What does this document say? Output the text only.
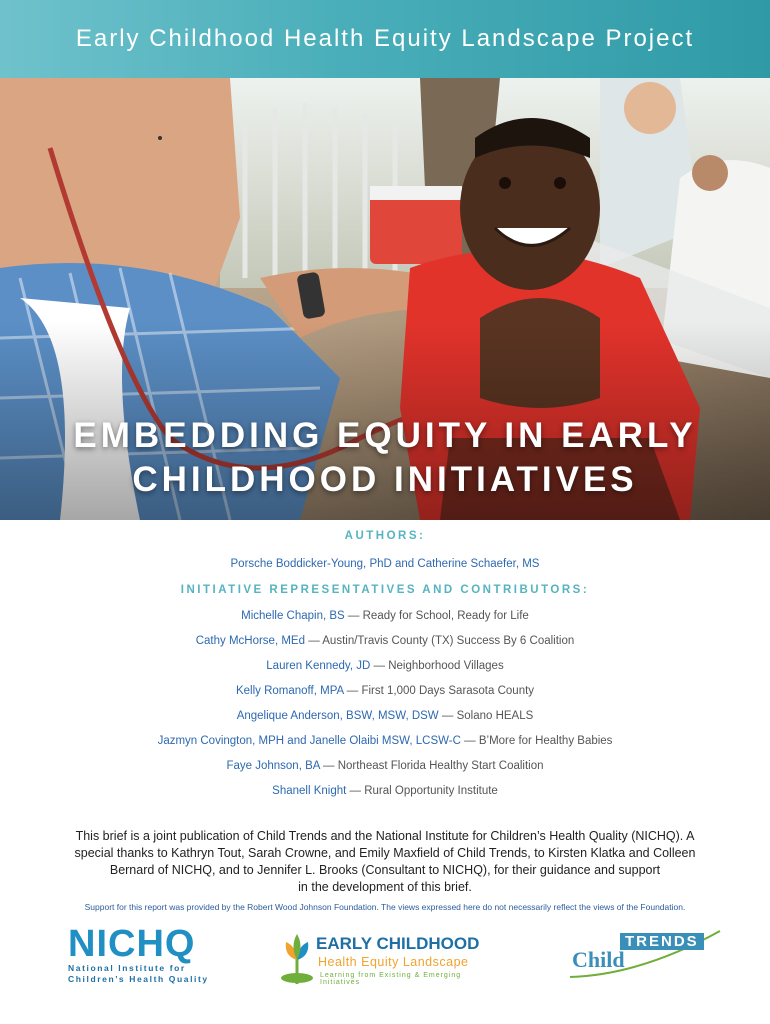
Early Childhood Health Equity Landscape Project
EMBEDDING EQUITY IN EARLY
CHILDHOOD INITIATIVES

AUTHORS:

Porsche Boddicker-Young, PhD and Catherine Schaefer, MS

INITIATIVE REPRESENTATIVES AND CONTRIBUTORS:

Michelle Chapin, BS — Ready for School, Ready for Life

Cathy McHorse, MEd — Austin/Travis County (TX) Success By 6 Coalition

Lauren Kennedy, JD — Neighborhood Villages

Kelly Romanoff, MPA — First 1,000 Days Sarasota County

Angelique Anderson, BSW, MSW, DSW — Solano HEALS

Jazmyn Covington, MPH and Janelle Olaibi MSW, LCSW-C — B’More for Healthy Babies

Faye Johnson, BA — Northeast Florida Healthy Start Coalition

Shanell Knight — Rural Opportunity Institute

This brief is a joint publication of Child Trends and the National Institute for Children’s Health Quality (NICHQ). A
special thanks to Kathryn Tout, Sarah Crowne, and Emily Maxfield of Child Trends, to Kirsten Klatka and Colleen
Bernard of NICHQ, and to Jennifer L. Brooks (Consultant to NICHQ), for their guidance and support
in the development of this brief.
Support for this report was provided by the Robert Wood Johnson Foundation. The views expressed here do not necessarily reflect the views of the Foundation.
NICHQ
National Institute for
Children’s Health Quality
EARLY CHILDHOOD
Health Equity Landscape
Learning from Existing & Emerging Initiatives
TRENDS
Child
